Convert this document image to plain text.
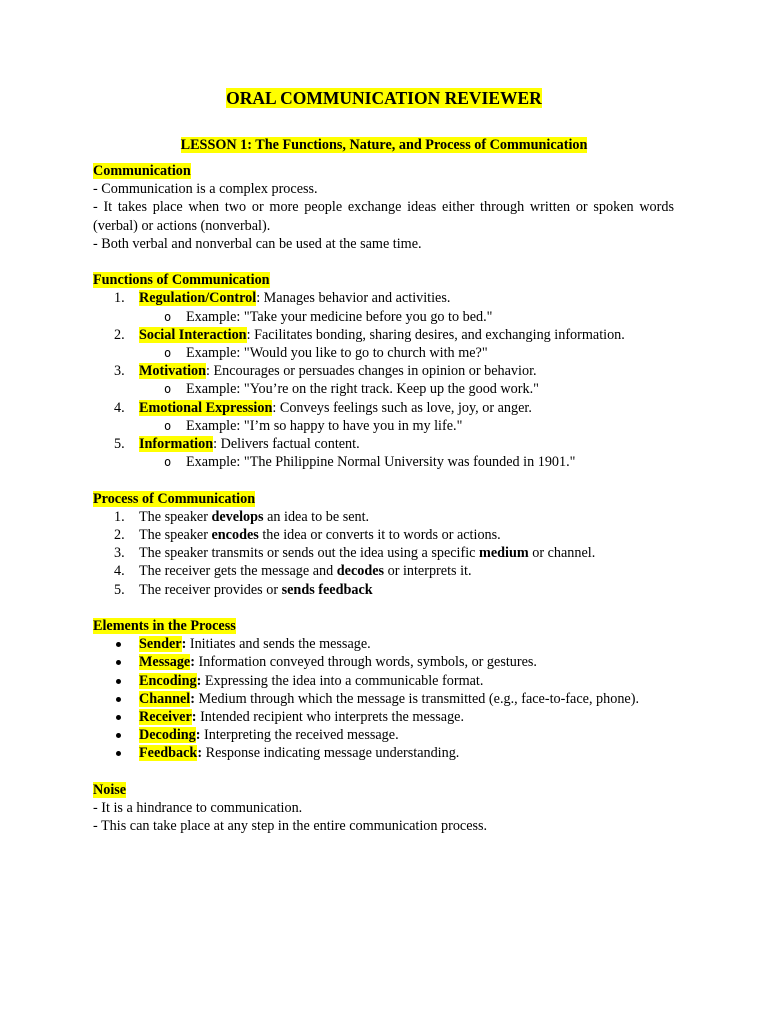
ORAL COMMUNICATION REVIEWER
LESSON 1: The Functions, Nature, and Process of Communication

Communication

- Communication is a complex process.

- It takes place when two or more people exchange ideas either through written or spoken words (verbal) or actions (nonverbal).

- Both verbal and nonverbal can be used at the same time.

Functions of Communication

1. Regulation/Control: Manages behavior and activities.
o Example: "Take your medicine before you go to bed."
2. Social Interaction: Facilitates bonding, sharing desires, and exchanging information.
o Example: "Would you like to go to church with me?"
3. Motivation: Encourages or persuades changes in opinion or behavior.
o Example: "You’re on the right track. Keep up the good work."
4. Emotional Expression: Conveys feelings such as love, joy, or anger.
o Example: "I’m so happy to have you in my life."
5. Information: Delivers factual content.
o Example: "The Philippine Normal University was founded in 1901."

Process of Communication

1. The speaker develops an idea to be sent.
2. The speaker encodes the idea or converts it to words or actions.
3. The speaker transmits or sends out the idea using a specific medium or channel.
4. The receiver gets the message and decodes or interprets it.
5. The receiver provides or sends feedback

Elements in the Process

Sender: Initiates and sends the message.
Message: Information conveyed through words, symbols, or gestures.
Encoding: Expressing the idea into a communicable format.
Channel: Medium through which the message is transmitted (e.g., face-to-face, phone).
Receiver: Intended recipient who interprets the message.
Decoding: Interpreting the received message.
Feedback: Response indicating message understanding.

Noise

- It is a hindrance to communication.

- This can take place at any step in the entire communication process.
